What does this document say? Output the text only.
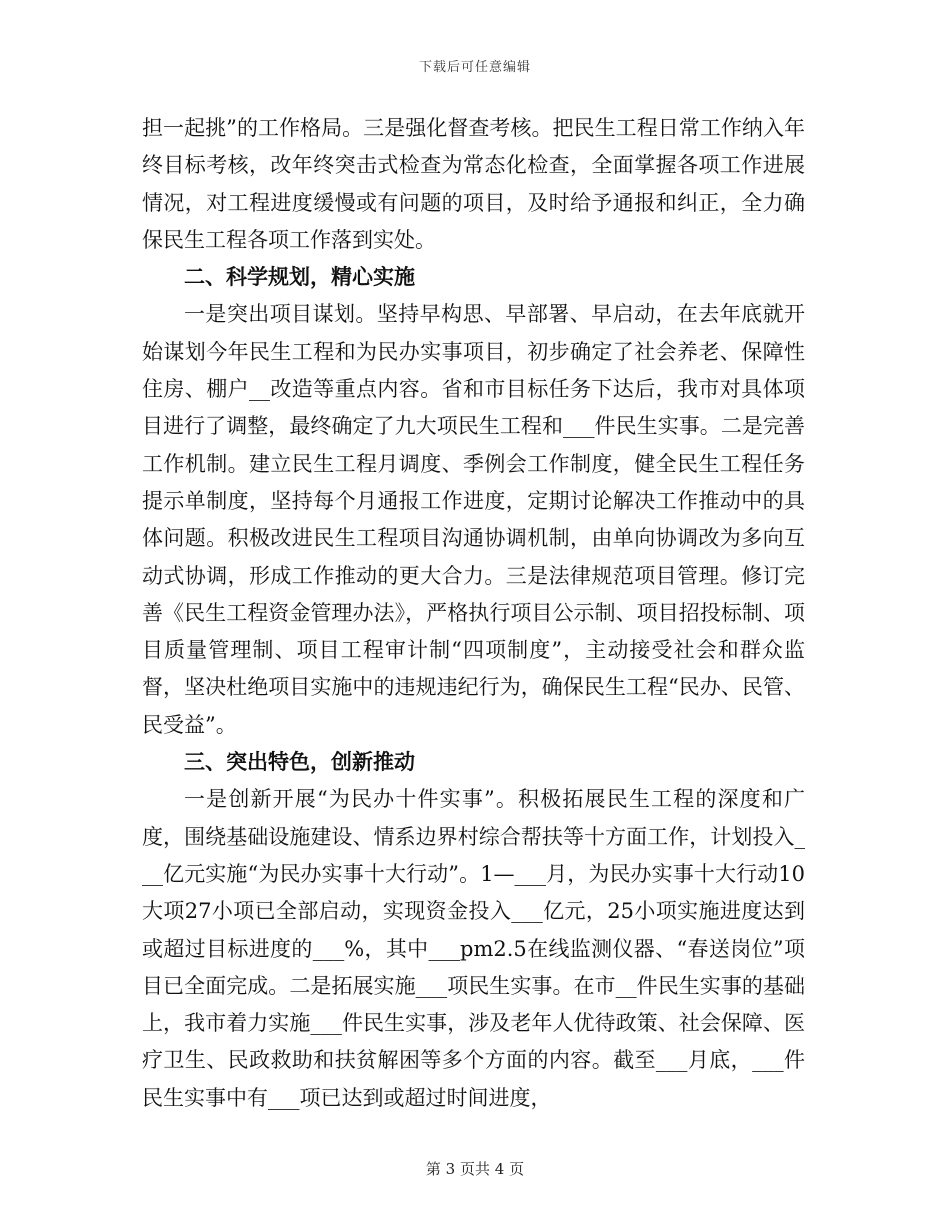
下载后可任意编辑

担一起挑”的工作格局。三是强化督查考核。把民生工程日常工作纳入年终目标考核，改年终突击式检查为常态化检查，全面掌握各项工作进展情况，对工程进度缓慢或有问题的项目，及时给予通报和纠正，全力确保民生工程各项工作落到实处。

二、科学规划，精心实施

一是突出项目谋划。坚持早构思、早部署、早启动，在去年底就开始谋划今年民生工程和为民办实事项目，初步确定了社会养老、保障性住房、棚户__改造等重点内容。省和市目标任务下达后，我市对具体项目进行了调整，最终确定了九大项民生工程和___件民生实事。二是完善工作机制。建立民生工程月调度、季例会工作制度，健全民生工程任务提示单制度，坚持每个月通报工作进度，定期讨论解决工作推动中的具体问题。积极改进民生工程项目沟通协调机制，由单向协调改为多向互动式协调，形成工作推动的更大合力。三是法律规范项目管理。修订完善《民生工程资金管理办法》，严格执行项目公示制、项目招投标制、项目质量管理制、项目工程审计制“四项制度”，主动接受社会和群众监督，坚决杜绝项目实施中的违规违纪行为，确保民生工程“民办、民管、民受益”。

三、突出特色，创新推动

一是创新开展“为民办十件实事”。积极拓展民生工程的深度和广度，围绕基础设施建设、情系边界村综合帮扶等十方面工作，计划投入___亿元实施“为民办实事十大行动”。1—___月，为民办实事十大行动10大项27小项已全部启动，实现资金投入___亿元，25小项实施进度达到或超过目标进度的___%，其中___pm2.5在线监测仪器、“春送岗位”项目已全面完成。二是拓展实施___项民生实事。在市__件民生实事的基础上，我市着力实施___件民生实事，涉及老年人优待政策、社会保障、医疗卫生、民政救助和扶贫解困等多个方面的内容。截至___月底，___件民生实事中有___项已达到或超过时间进度，

第 3 页共 4 页
